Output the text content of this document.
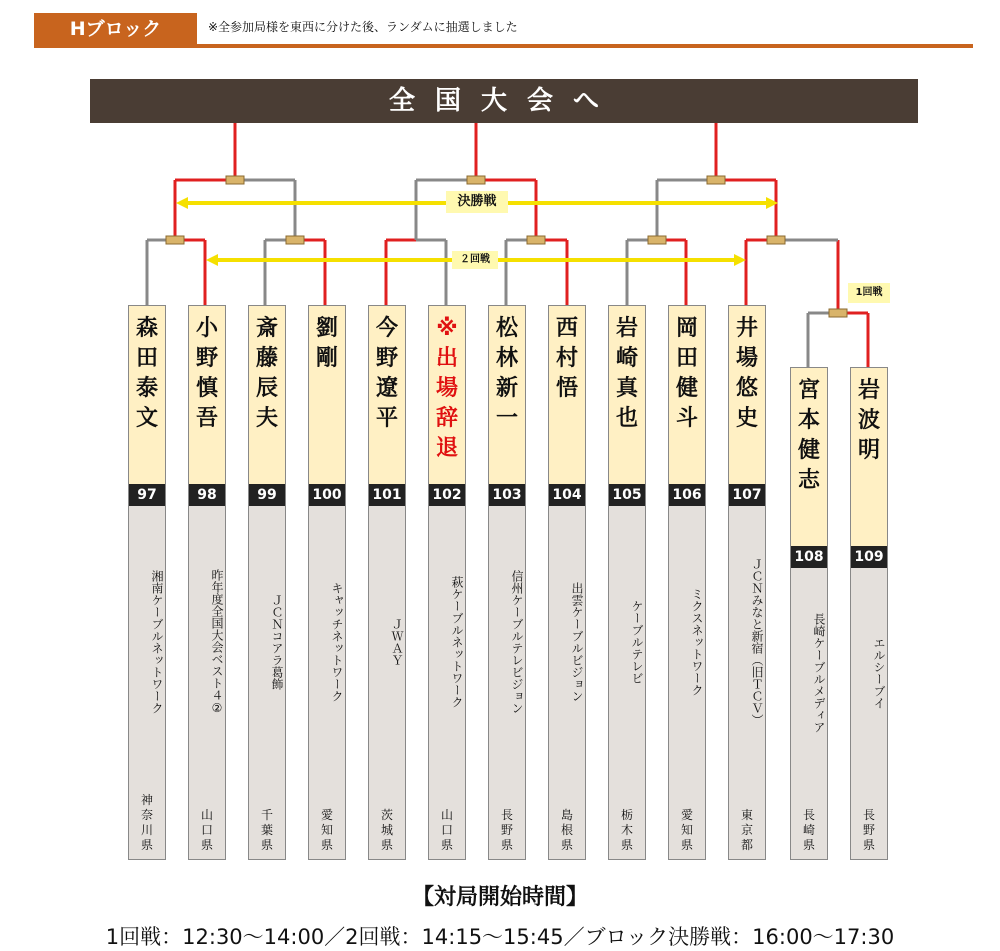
Hブロック	※全参加局様を東西に分けた後、ランダムに抽選しました
全国大会へ
決勝戦
２回戦
1回戦
森
田
泰
文
97
湘南ケーブルネットワーク
神
奈
川
県
小
野
慎
吾
98
昨年度全国大会ベスト４②
山
口
県
斎
藤
辰
夫
99
ＪＣＮコアラ葛飾
千
葉
県
劉
剛
100
キャッチネットワーク
愛
知
県
今
野
遼
平
101
ＪＷＡＹ
茨
城
県
※
出
場
辞
退
102
萩ケーブルネットワーク
山
口
県
松
林
新
一
103
信州ケーブルテレビジョン
長
野
県
西
村
悟
104
出雲ケーブルビジョン
島
根
県
岩
崎
真
也
105
ケーブルテレビ
栃
木
県
岡
田
健
斗
106
ミクスネットワーク
愛
知
県
井
場
悠
史
107
ＪＣＮみなと新宿（旧ＴＣＶ）
東
京
都
宮
本
健
志
108
長崎ケーブルメディア
長
崎
県
岩
波
明
109
エルシーブイ
長
野
県
【対局開始時間】
1回戦：12:30〜14:00／2回戦：14:15〜15:45／ブロック決勝戦：16:00〜17:30
